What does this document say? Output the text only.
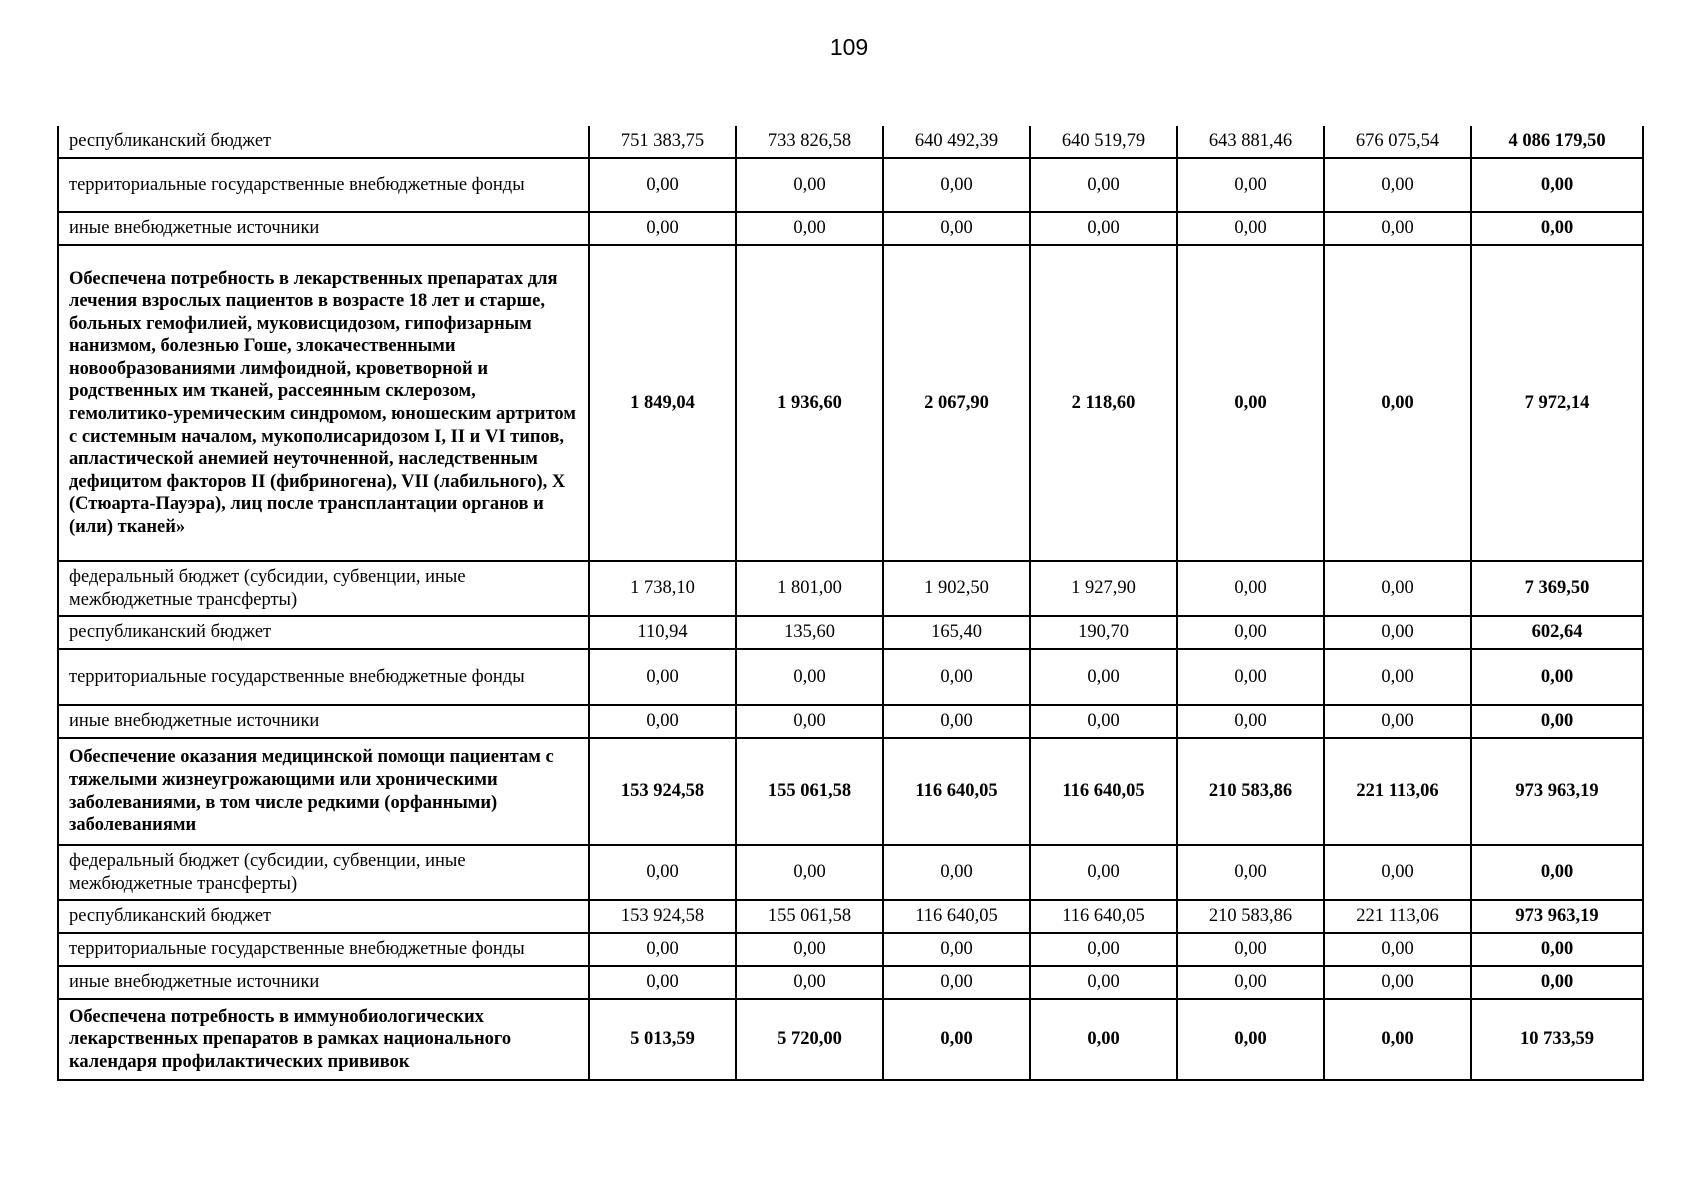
109
республиканский бюджет	751 383,75	733 826,58	640 492,39	640 519,79	643 881,46	676 075,54	4 086 179,50
территориальные государственные внебюджетные фонды	0,00	0,00	0,00	0,00	0,00	0,00	0,00
иные внебюджетные источники	0,00	0,00	0,00	0,00	0,00	0,00	0,00
Обеспечена потребность в лекарственных препаратах для лечения взрослых пациентов в возрасте 18 лет и старше, больных гемофилией, муковисцидозом, гипофизарным нанизмом, болезнью Гоше, злокачественными новообразованиями лимфоидной, кроветворной и родственных им тканей, рассеянным склерозом, гемолитико-уремическим синдромом, юношеским артритом с системным началом, мукополисаридозом I, II и VI типов, апластической анемией неуточненной, наследственным дефицитом факторов II (фибриногена), VII (лабильного), X (Стюарта-Пауэра), лиц после трансплантации органов и (или) тканей»	1 849,04	1 936,60	2 067,90	2 118,60	0,00	0,00	7 972,14
федеральный бюджет (субсидии, субвенции, иные межбюджетные трансферты)	1 738,10	1 801,00	1 902,50	1 927,90	0,00	0,00	7 369,50
республиканский бюджет	110,94	135,60	165,40	190,70	0,00	0,00	602,64
территориальные государственные внебюджетные фонды	0,00	0,00	0,00	0,00	0,00	0,00	0,00
иные внебюджетные источники	0,00	0,00	0,00	0,00	0,00	0,00	0,00
Обеспечение оказания медицинской помощи пациентам с тяжелыми жизнеугрожающими или хроническими заболеваниями, в том числе редкими (орфанными) заболеваниями	153 924,58	155 061,58	116 640,05	116 640,05	210 583,86	221 113,06	973 963,19
федеральный бюджет (субсидии, субвенции, иные межбюджетные трансферты)	0,00	0,00	0,00	0,00	0,00	0,00	0,00
республиканский бюджет	153 924,58	155 061,58	116 640,05	116 640,05	210 583,86	221 113,06	973 963,19
территориальные государственные внебюджетные фонды	0,00	0,00	0,00	0,00	0,00	0,00	0,00
иные внебюджетные источники	0,00	0,00	0,00	0,00	0,00	0,00	0,00
Обеспечена потребность в иммунобиологических лекарственных препаратов в рамках национального календаря профилактических прививок	5 013,59	5 720,00	0,00	0,00	0,00	0,00	10 733,59
